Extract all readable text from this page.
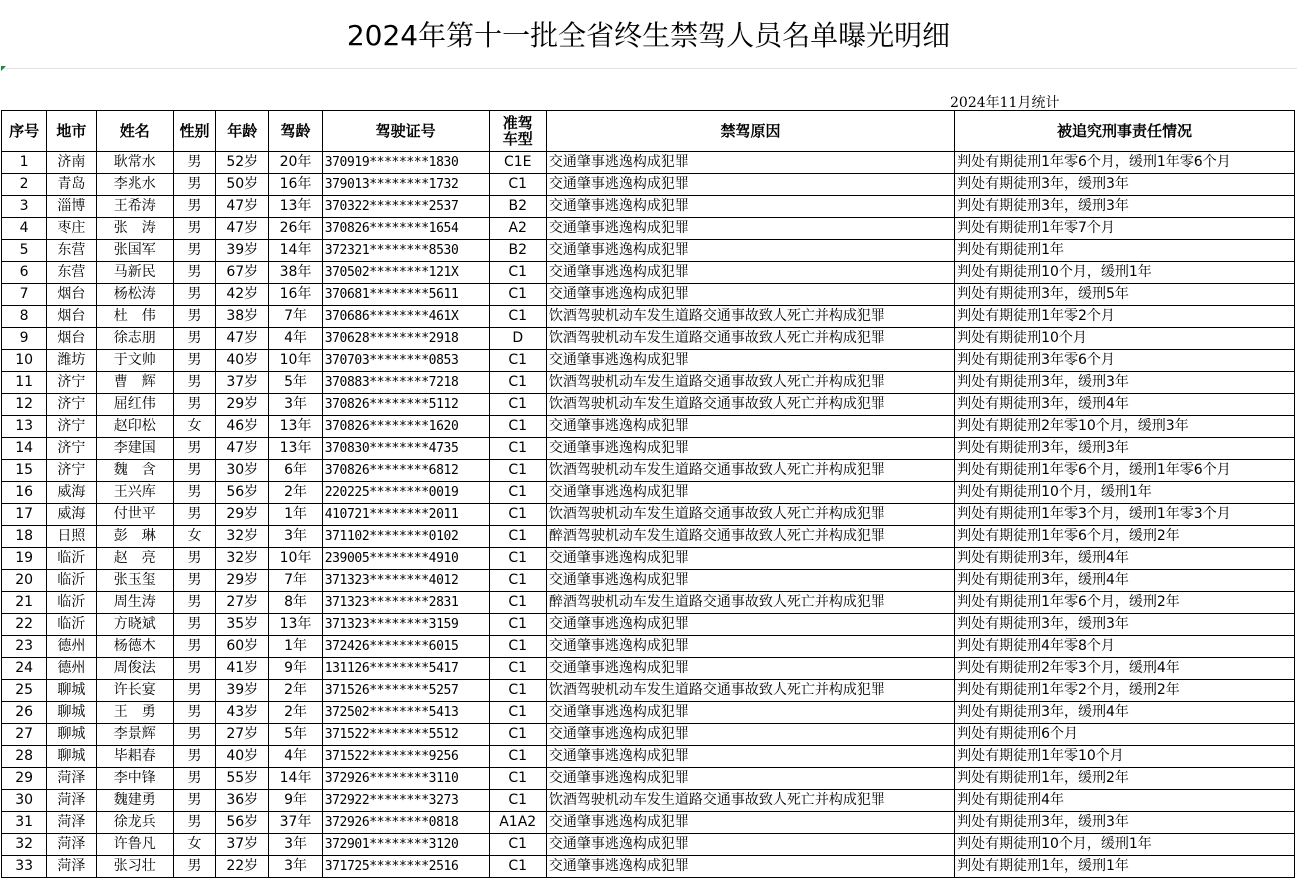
2024年第十一批全省终生禁驾人员名单曝光明细
2024年11月统计
序号	地市	姓名	性别	年龄	驾龄	驾驶证号	准驾车型	禁驾原因	被追究刑事责任情况
1	济南	耿常水	男	52岁	20年	370919********1830	C1E	交通肇事逃逸构成犯罪	判处有期徒刑1年零6个月，缓刑1年零6个月
2	青岛	李兆水	男	50岁	16年	379013********1732	C1	交通肇事逃逸构成犯罪	判处有期徒刑3年，缓刑3年
3	淄博	王希涛	男	47岁	13年	370322********2537	B2	交通肇事逃逸构成犯罪	判处有期徒刑3年，缓刑3年
4	枣庄	张　涛	男	47岁	26年	370826********1654	A2	交通肇事逃逸构成犯罪	判处有期徒刑1年零7个月
5	东营	张国军	男	39岁	14年	372321********8530	B2	交通肇事逃逸构成犯罪	判处有期徒刑1年
6	东营	马新民	男	67岁	38年	370502********121X	C1	交通肇事逃逸构成犯罪	判处有期徒刑10个月，缓刑1年
7	烟台	杨松涛	男	42岁	16年	370681********5611	C1	交通肇事逃逸构成犯罪	判处有期徒刑3年，缓刑5年
8	烟台	杜　伟	男	38岁	7年	370686********461X	C1	饮酒驾驶机动车发生道路交通事故致人死亡并构成犯罪	判处有期徒刑1年零2个月
9	烟台	徐志朋	男	47岁	4年	370628********2918	D	饮酒驾驶机动车发生道路交通事故致人死亡并构成犯罪	判处有期徒刑10个月
10	潍坊	于文帅	男	40岁	10年	370703********0853	C1	交通肇事逃逸构成犯罪	判处有期徒刑3年零6个月
11	济宁	曹　辉	男	37岁	5年	370883********7218	C1	饮酒驾驶机动车发生道路交通事故致人死亡并构成犯罪	判处有期徒刑3年，缓刑3年
12	济宁	屈红伟	男	29岁	3年	370826********5112	C1	饮酒驾驶机动车发生道路交通事故致人死亡并构成犯罪	判处有期徒刑3年，缓刑4年
13	济宁	赵印松	女	46岁	13年	370826********1620	C1	交通肇事逃逸构成犯罪	判处有期徒刑2年零10个月，缓刑3年
14	济宁	李建国	男	47岁	13年	370830********4735	C1	交通肇事逃逸构成犯罪	判处有期徒刑3年，缓刑3年
15	济宁	魏　含	男	30岁	6年	370826********6812	C1	饮酒驾驶机动车发生道路交通事故致人死亡并构成犯罪	判处有期徒刑1年零6个月，缓刑1年零6个月
16	威海	王兴库	男	56岁	2年	220225********0019	C1	交通肇事逃逸构成犯罪	判处有期徒刑10个月，缓刑1年
17	威海	付世平	男	29岁	1年	410721********2011	C1	饮酒驾驶机动车发生道路交通事故致人死亡并构成犯罪	判处有期徒刑1年零3个月，缓刑1年零3个月
18	日照	彭　琳	女	32岁	3年	371102********0102	C1	醉酒驾驶机动车发生道路交通事故致人死亡并构成犯罪	判处有期徒刑1年零6个月，缓刑2年
19	临沂	赵　亮	男	32岁	10年	239005********4910	C1	交通肇事逃逸构成犯罪	判处有期徒刑3年，缓刑4年
20	临沂	张玉玺	男	29岁	7年	371323********4012	C1	交通肇事逃逸构成犯罪	判处有期徒刑3年，缓刑4年
21	临沂	周生涛	男	27岁	8年	371323********2831	C1	醉酒驾驶机动车发生道路交通事故致人死亡并构成犯罪	判处有期徒刑1年零6个月，缓刑2年
22	临沂	方晓斌	男	35岁	13年	371323********3159	C1	交通肇事逃逸构成犯罪	判处有期徒刑3年，缓刑3年
23	德州	杨德木	男	60岁	1年	372426********6015	C1	交通肇事逃逸构成犯罪	判处有期徒刑4年零8个月
24	德州	周俊法	男	41岁	9年	131126********5417	C1	交通肇事逃逸构成犯罪	判处有期徒刑2年零3个月，缓刑4年
25	聊城	许长宴	男	39岁	2年	371526********5257	C1	饮酒驾驶机动车发生道路交通事故致人死亡并构成犯罪	判处有期徒刑1年零2个月，缓刑2年
26	聊城	王　勇	男	43岁	2年	372502********5413	C1	交通肇事逃逸构成犯罪	判处有期徒刑3年，缓刑4年
27	聊城	李景辉	男	27岁	5年	371522********5512	C1	交通肇事逃逸构成犯罪	判处有期徒刑6个月
28	聊城	毕耜春	男	40岁	4年	371522********9256	C1	交通肇事逃逸构成犯罪	判处有期徒刑1年零10个月
29	菏泽	李中锋	男	55岁	14年	372926********3110	C1	交通肇事逃逸构成犯罪	判处有期徒刑1年，缓刑2年
30	菏泽	魏建勇	男	36岁	9年	372922********3273	C1	饮酒驾驶机动车发生道路交通事故致人死亡并构成犯罪	判处有期徒刑4年
31	菏泽	徐龙兵	男	56岁	37年	372926********0818	A1A2	交通肇事逃逸构成犯罪	判处有期徒刑3年，缓刑3年
32	菏泽	许鲁凡	女	37岁	3年	372901********3120	C1	交通肇事逃逸构成犯罪	判处有期徒刑10个月，缓刑1年
33	菏泽	张习壮	男	22岁	3年	371725********2516	C1	交通肇事逃逸构成犯罪	判处有期徒刑1年，缓刑1年
